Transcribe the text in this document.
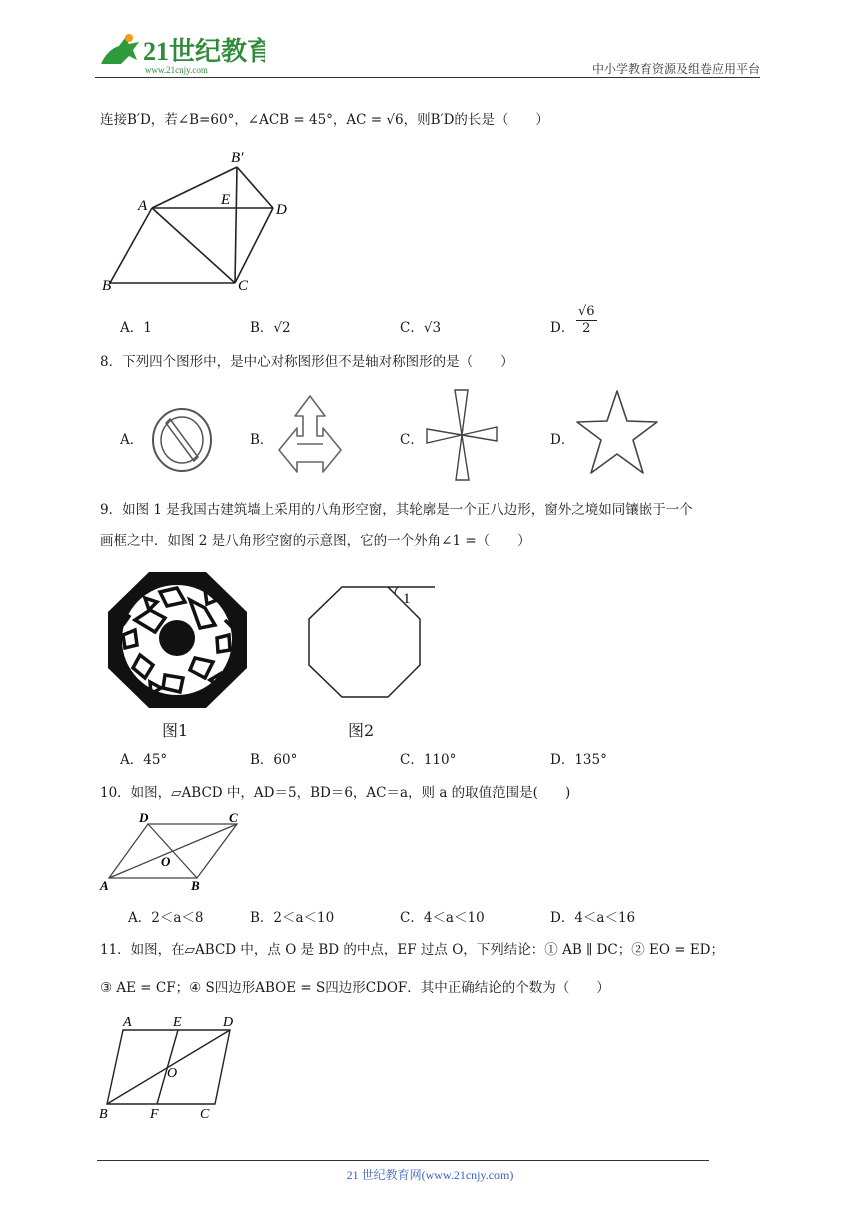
21世纪教育
www.21cnjy.com	中小学教育资源及组卷应用平台
连接B′D，若∠B=60°，∠ACB = 45°，AC = √6，则B′D的长是（　　）
A
B	C
D
E
B′
A．1	B．√2	C．√3	D．
√6
2
8．下列四个图形中，是中心对称图形但不是轴对称图形的是（　　）
A．	B．	C．	D．
9．如图 1 是我国古建筑墙上采用的八角形空窗，其轮廓是一个正八边形，窗外之境如同镶嵌于一个
画框之中．如图 2 是八角形空窗的示意图，它的一个外角∠1 =（　　）
1
图1	图2
A．45°	B．60°	C．110°	D．135°
10．如图，▱ABCD 中，AD＝5，BD＝6，AC＝a，则 a 的取值范围是(　　)
A	B
C
D
O
A．2＜a＜8	B．2＜a＜10	C．4＜a＜10	D．4＜a＜16
11．如图，在▱ABCD 中，点 O 是 BD 的中点，EF 过点 O，下列结论：① AB ∥ DC；② EO = ED；
③ AE = CF；④ S四边形ABOE = S四边形CDOF．其中正确结论的个数为（　　）
A	E	D
B	F	C
O
21 世纪教育网(www.21cnjy.com)
